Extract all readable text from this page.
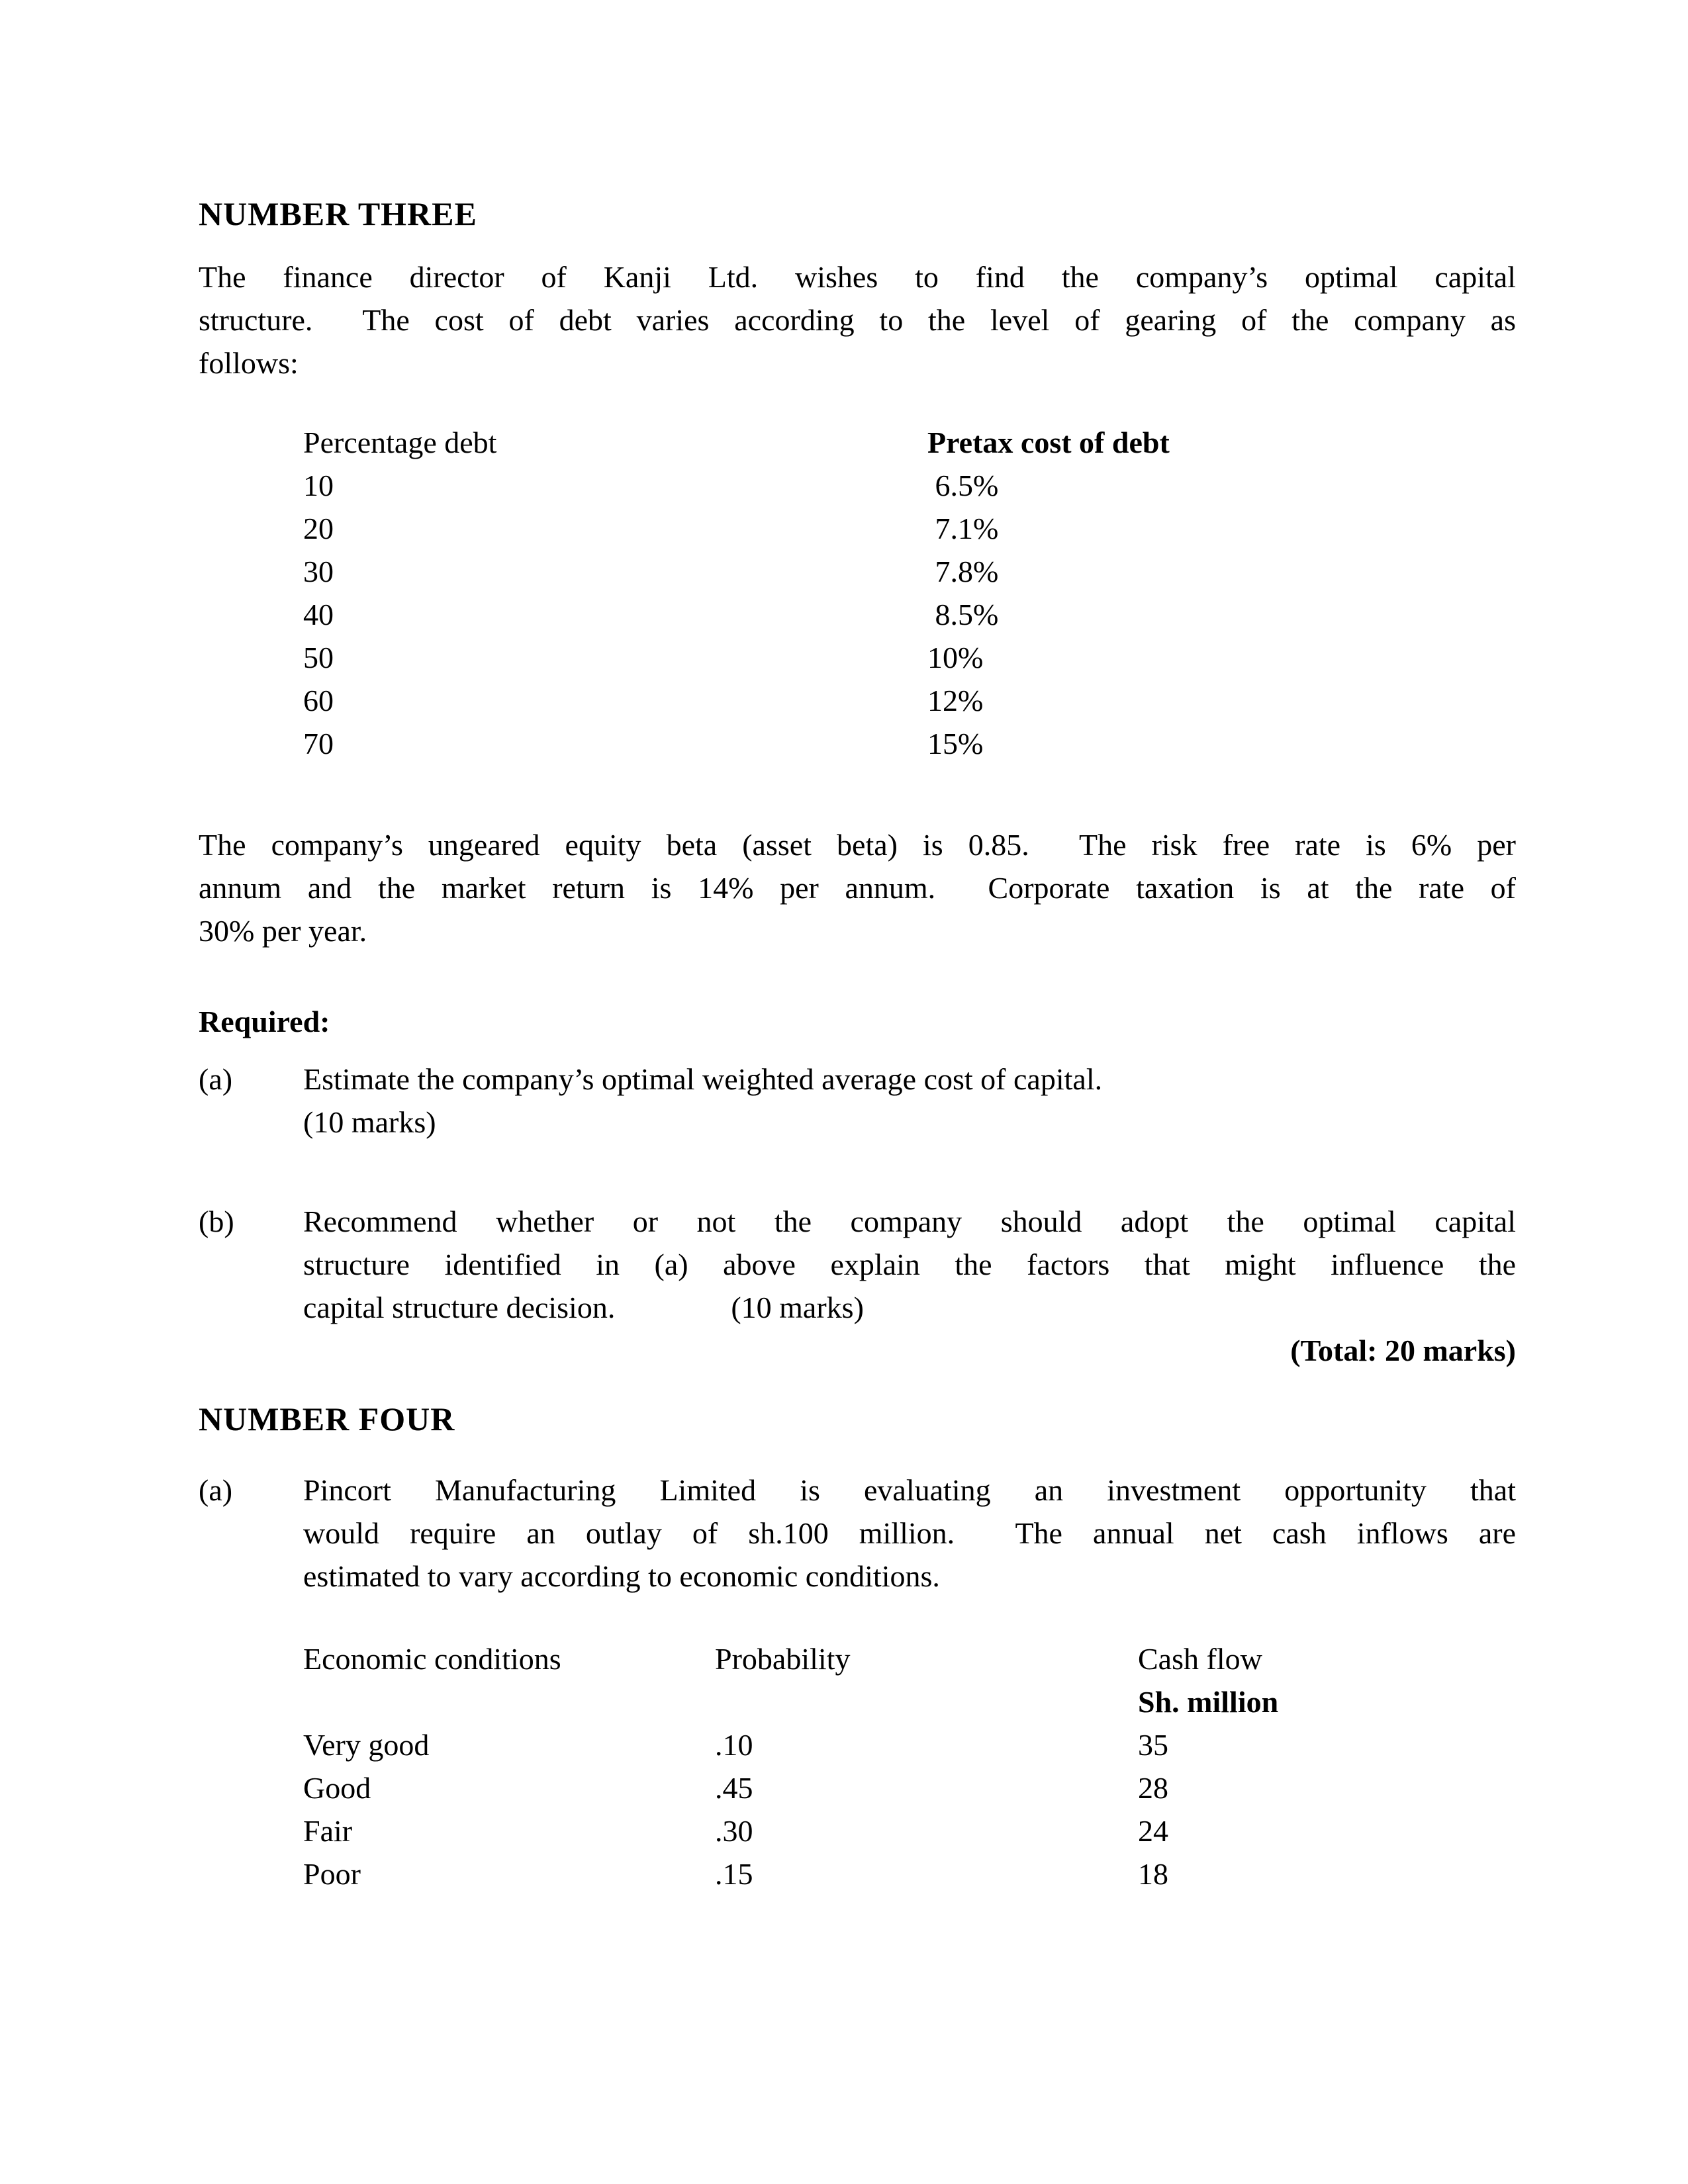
NUMBER THREE
The finance director of Kanji Ltd. wishes to find the company’s optimal capital
structure.  The cost of debt varies according to the level of gearing of the company as
follows:
Percentage debt	Pretax cost of debt
10	6.5%
20	7.1%
30	7.8%
40	8.5%
50	10%
60	12%
70	15%
The company’s ungeared equity beta (asset beta) is 0.85.  The risk free rate is 6% per
annum and the market return is 14% per annum.  Corporate taxation is at the rate of
30% per year.
Required:
(a)	Estimate the company’s optimal weighted average cost of capital.
(10 marks)
(b)	Recommend whether or not the company should adopt the optimal capital
structure identified in (a) above explain the factors that might influence the
capital structure decision.	(10 marks)
(Total: 20 marks)
NUMBER FOUR
(a)	Pincort Manufacturing Limited is evaluating an investment opportunity that
would require an outlay of sh.100 million.  The annual net cash inflows are
estimated to vary according to economic conditions.
Economic conditions	Probability	Cash flow
Sh. million
Very good	.10	35
Good	.45	28
Fair	.30	24
Poor	.15	18
